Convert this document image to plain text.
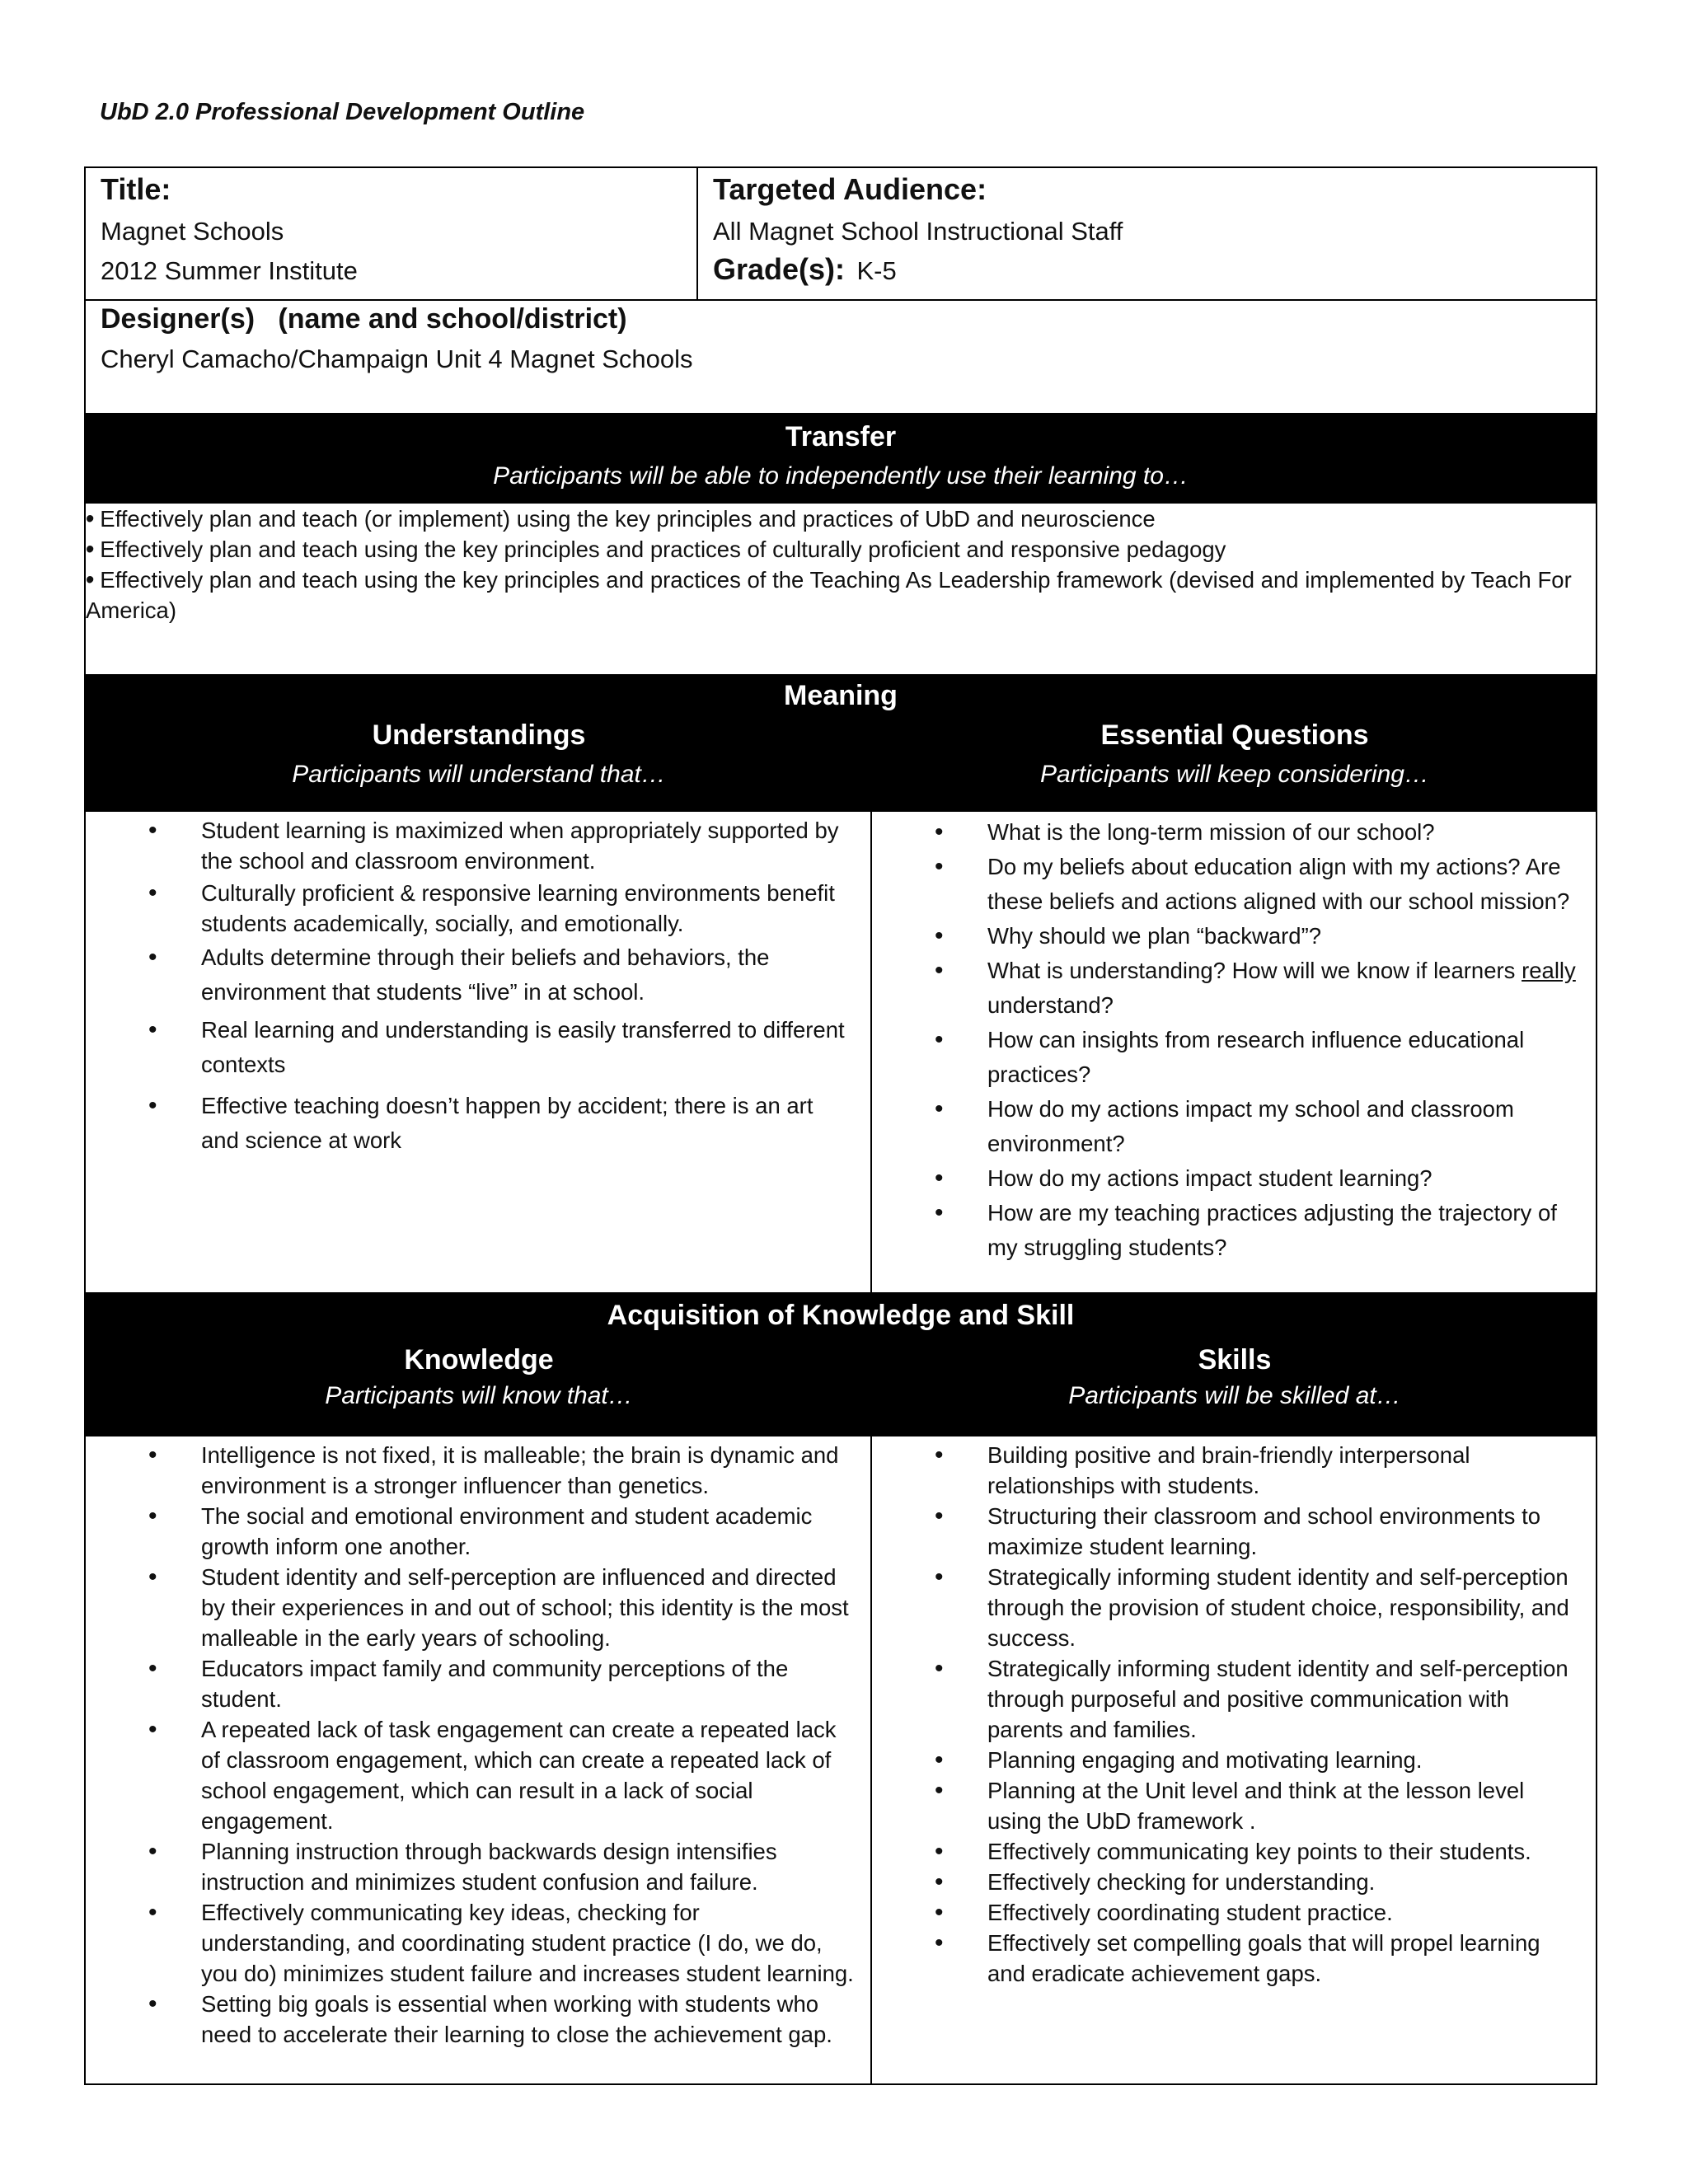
UbD 2.0 Professional Development Outline
Title:
Magnet Schools
2012 Summer Institute
Targeted Audience:
All Magnet School Instructional Staff
Grade(s): K-5
Designer(s)   (name and school/district)
Cheryl Camacho/Champaign Unit 4 Magnet Schools
Transfer
Participants will be able to independently use their learning to…
• • Effectively plan and teach (or implement) using the key principles and practices of UbD and neuroscience
• • Effectively plan and teach using the key principles and practices of culturally proficient and responsive pedagogy
• • Effectively plan and teach using the key principles and practices of the Teaching As Leadership framework (devised and implemented by Teach For America)
Meaning
Understandings
Participants will understand that…
Essential Questions
Participants will keep considering…
• Student learning is maximized when appropriately supported by the school and classroom environment.
• Culturally proficient & responsive learning environments benefit students academically, socially, and emotionally.
• Adults determine through their beliefs and behaviors, the environment that students “live” in at school.
• Real learning and understanding is easily transferred to different contexts
• Effective teaching doesn’t happen by accident; there is an art and science at work
• What is the long-term mission of our school?
• Do my beliefs about education align with my actions? Are these beliefs and actions aligned with our school mission?
• Why should we plan “backward”?
• What is understanding? How will we know if learners really understand?
• How can insights from research influence educational practices?
• How do my actions impact my school and classroom environment?
• How do my actions impact student learning?
• How are my teaching practices adjusting the trajectory of my struggling students?
Acquisition of Knowledge and Skill
Knowledge
Participants will know that…
Skills
Participants will be skilled at…
• Intelligence is not fixed, it is malleable; the brain is dynamic and environment is a stronger influencer than genetics.
• The social and emotional environment and student academic growth inform one another.
• Student identity and self-perception are influenced and directed by their experiences in and out of school; this identity is the most malleable in the early years of schooling.
• Educators impact family and community perceptions of the student.
• A repeated lack of task engagement can create a repeated lack of classroom engagement, which can create a repeated lack of school engagement, which can result in a lack of social engagement.
• Planning instruction through backwards design intensifies instruction and minimizes student confusion and failure.
• Effectively communicating key ideas, checking for understanding, and coordinating student practice (I do, we do, you do) minimizes student failure and increases student learning.
• Setting big goals is essential when working with students who need to accelerate their learning to close the achievement gap.
• Building positive and brain-friendly interpersonal relationships with students.
• Structuring their classroom and school environments to maximize student learning.
• Strategically informing student identity and self-perception through the provision of student choice, responsibility, and success.
• Strategically informing student identity and self-perception through purposeful and positive communication with parents and families.
• Planning engaging and motivating learning.
• Planning at the Unit level and think at the lesson level using the UbD framework .
• Effectively communicating key points to their students.
• Effectively checking for understanding.
• Effectively coordinating student practice.
• Effectively set compelling goals that will propel learning and eradicate achievement gaps.
